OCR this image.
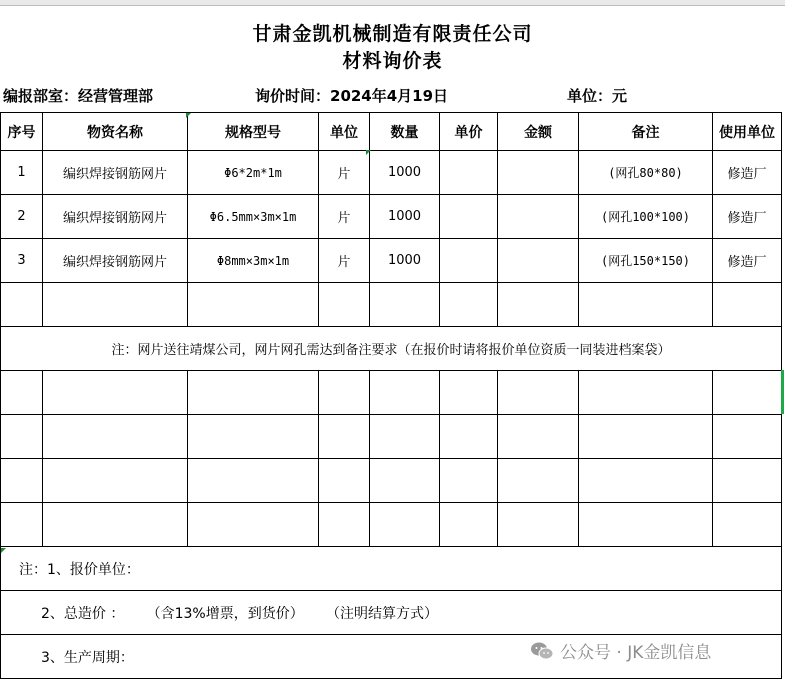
甘肃金凯机械制造有限责任公司
材料询价表
编报部室：经营管理部	询价时间：2024年4月19日	单位：元
序号	物资名称	规格型号	单位	数量	单价	金额	备注	使用单位
1	编织焊接钢筋网片	Φ6*2m*1m	片	1000			(网孔80*80)	修造厂
2	编织焊接钢筋网片	Φ6.5mm×3m×1m	片	1000			(网孔100*100)	修造厂
3	编织焊接钢筋网片	Φ8mm×3m×1m	片	1000			(网孔150*150)	修造厂

注：网片送往靖煤公司，网片网孔需达到备注要求（在报价时请将报价单位资质一同装进档案袋）								

注：1、报价单位：								
2、总造价 ：     （含13%增票，到货价）     （注明结算方式）								
3、生产周期：									公众号 · JK金凯信息
